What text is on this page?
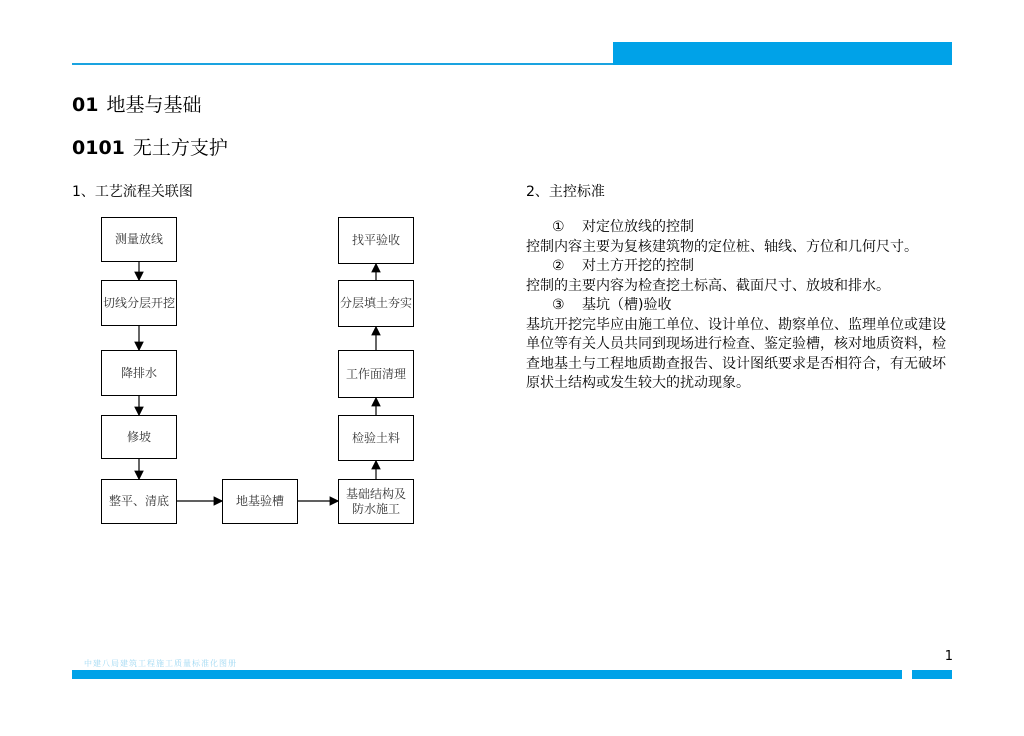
01 地基与基础
0101 无土方支护
1、工艺流程关联图
测量放线
切线分层开挖
降排水
修坡
整平、清底	地基验槽
找平验收
分层填土夯实
工作面清理
检验土料
基础结构及防水施工
2、主控标准
① 对定位放线的控制
控制内容主要为复核建筑物的定位桩、轴线、方位和几何尺寸。
② 对土方开挖的控制
控制的主要内容为检查挖土标高、截面尺寸、放坡和排水。
③ 基坑（槽)验收
基坑开挖完毕应由施工单位、设计单位、勘察单位、监理单位或建设单位等有关人员共同到现场进行检查、鉴定验槽，核对地质资料，检查地基土与工程地质勘查报告、设计图纸要求是否相符合，有无破坏原状土结构或发生较大的扰动现象。
1
中建八局建筑工程施工质量标准化图册
